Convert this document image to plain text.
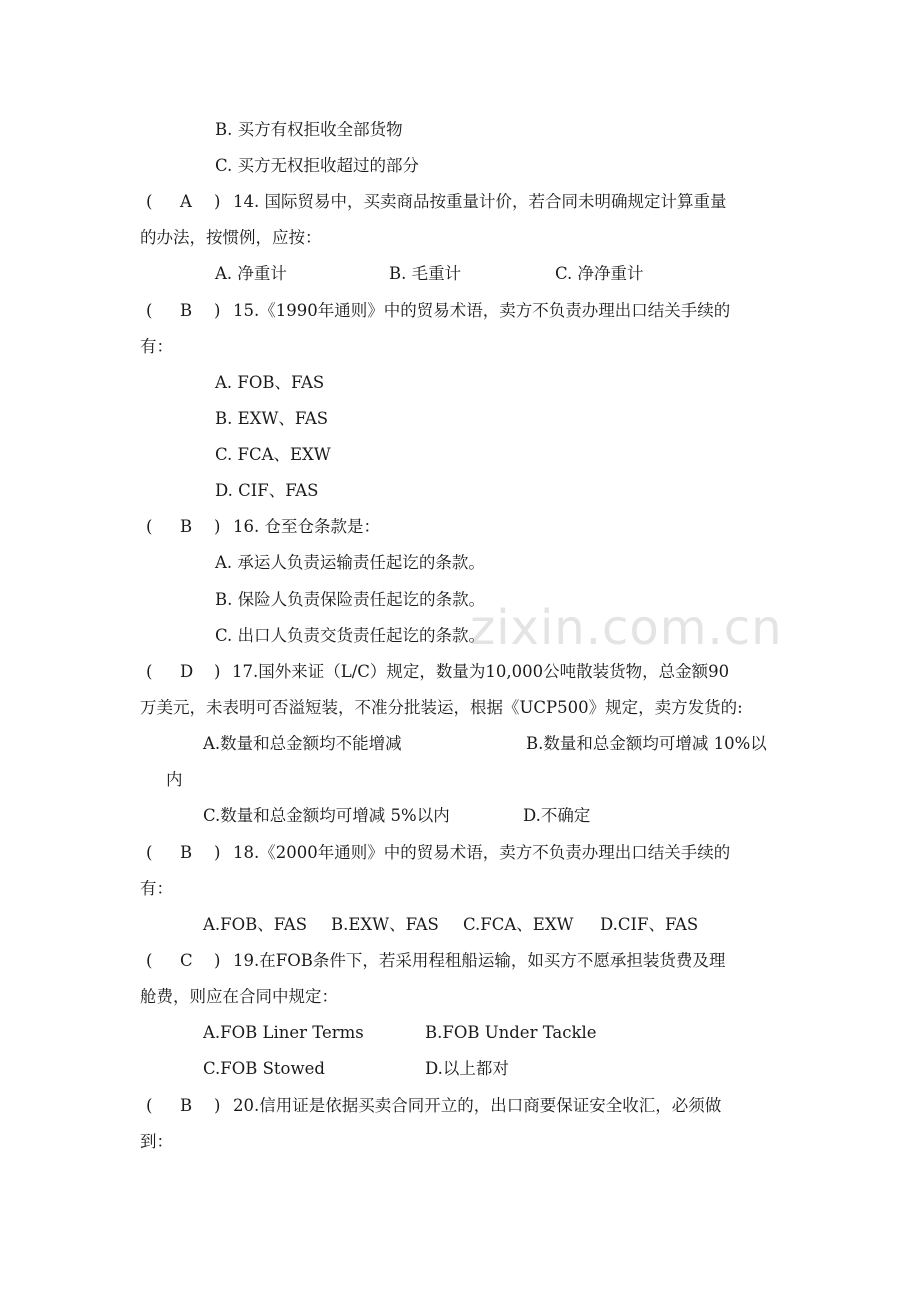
zixin.com.cn
B. 买方有权拒收全部货物
C. 买方无权拒收超过的部分
14. 国际贸易中，买卖商品按重量计价，若合同未明确规定计算重量
的办法，按惯例，应按：
A. 净重计	B. 毛重计	C. 净净重计
15.《1990年通则》中的贸易术语，卖方不负责办理出口结关手续的
有：
A. FOB、FAS
B. EXW、FAS
C. FCA、EXW
D. CIF、FAS
16. 仓至仓条款是：
A. 承运人负责运输责任起讫的条款。
B. 保险人负责保险责任起讫的条款。
C. 出口人负责交货责任起讫的条款。
17.国外来证（L/C）规定，数量为10,000公吨散装货物，总金额90
万美元，未表明可否溢短装，不准分批装运，根据《UCP500》规定，卖方发货的:
A.数量和总金额均不能增减	B.数量和总金额均可增减 10%以
内
C.数量和总金额均可增减 5%以内	D.不确定
18.《2000年通则》中的贸易术语，卖方不负责办理出口结关手续的
有：
A.FOB、FAS B.EXW、FAS C.FCA、EXW D.CIF、FAS
19.在FOB条件下，若采用程租船运输，如买方不愿承担装货费及理
舱费，则应在合同中规定：
A.FOB Liner Terms	B.FOB Under Tackle
C.FOB Stowed	D.以上都对
20.信用证是依据买卖合同开立的，出口商要保证安全收汇，必须做
到：
( A )
( B )
( B )
( D )
( B )
( C )
( B )
